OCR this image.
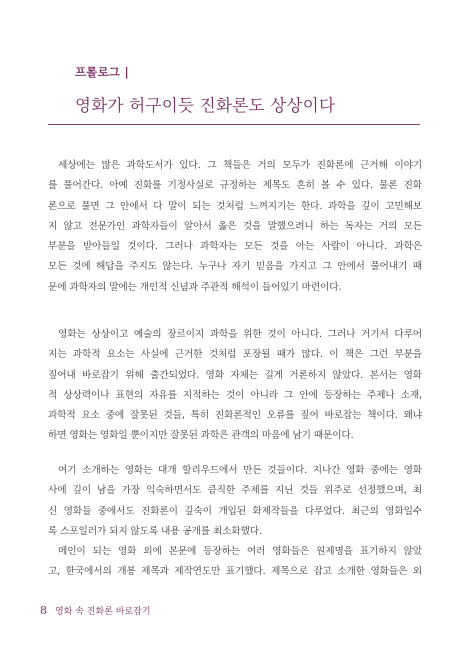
프롤로그 |
영화가 허구이듯 진화론도 상상이다
세상에는 많은 과학도서가 있다. 그 책들은 거의 모두가 진화론에 근거해 이야기
를 풀어간다. 아예 진화를 기정사실로 규정하는 제목도 흔히 볼 수 있다. 물론 진화
론으로 풀면 그 안에서 다 말이 되는 것처럼 느껴지기는 한다. 과학을 깊이 고민해보
지 않고 전문가인 과학자들이 알아서 옳은 것을 말했으려니 하는 독자는 거의 모든
부분을 받아들일 것이다. 그러나 과학자는 모든 것을 아는 사람이 아니다. 과학은
모든 것에 해답을 주지도 않는다. 누구나 자기 믿음을 가지고 그 안에서 풀어내기 때
문에 과학자의 말에는 개인적 신념과 주관적 해석이 들어있기 마련이다.
영화는 상상이고 예술의 장르이지 과학을 위한 것이 아니다. 그러나 거기서 다루어
지는 과학적 요소는 사실에 근거한 것처럼 포장될 때가 많다. 이 책은 그런 부분을
짚어내 바로잡기 위해 출간되었다. 영화 자체는 길게 거론하지 않았다. 본서는 영화
적 상상력이나 표현의 자유를 지적하는 것이 아니라 그 안에 등장하는 주제나 소재,
과학적 요소 중에 잘못된 것들, 특히 진화론적인 오류를 짚어 바로잡는 책이다. 왜냐
하면 영화는 영화일 뿐이지만 잘못된 과학은 관객의 마음에 남기 때문이다.
여기 소개하는 영화는 대개 할리우드에서 만든 것들이다. 지나간 영화 중에는 영화
사에 깊이 남을 가장 익숙하면서도 큼직한 주제를 지닌 것들 위주로 선정했으며, 최
신 영화들 중에서도 진화론이 깊숙이 개입된 화제작들을 다루었다. 최근의 영화일수
록 스포일러가 되지 않도록 내용 공개를 최소화했다.
메인이 되는 영화 외에 본문에 등장하는 여러 영화들은 원제명을 표기하지 않았
고, 한국에서의 개봉 제목과 제작연도만 표기했다. 제목으로 잡고 소개한 영화들은 외
8 영화 속 진화론 바로잡기
